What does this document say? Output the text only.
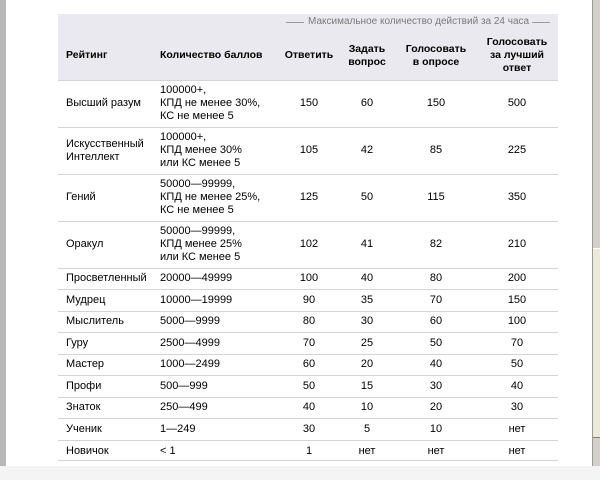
Максимальное количество действий за 24 часа
Рейтинг	Количество баллов	Ответить	Задать
вопрос	Голосовать
в опросе	Голосовать
за лучший
ответ
Высший разум	100000+,
КПД не менее 30%,
КС не менее 5	150	60	150	500
Искусственный
Интеллект	100000+,
КПД менее 30%
или КС менее 5	105	42	85	225
Гений	50000—99999,
КПД не менее 25%,
КС не менее 5	125	50	115	350
Оракул	50000—99999,
КПД менее 25%
или КС менее 5	102	41	82	210
Просветленный	20000—49999	100	40	80	200
Мудрец	10000—19999	90	35	70	150
Мыслитель	5000—9999	80	30	60	100
Гуру	2500—4999	70	25	50	70
Мастер	1000—2499	60	20	40	50
Профи	500—999	50	15	30	40
Знаток	250—499	40	10	20	30
Ученик	1—249	30	5	10	нет
Новичок	< 1	1	нет	нет	нет
